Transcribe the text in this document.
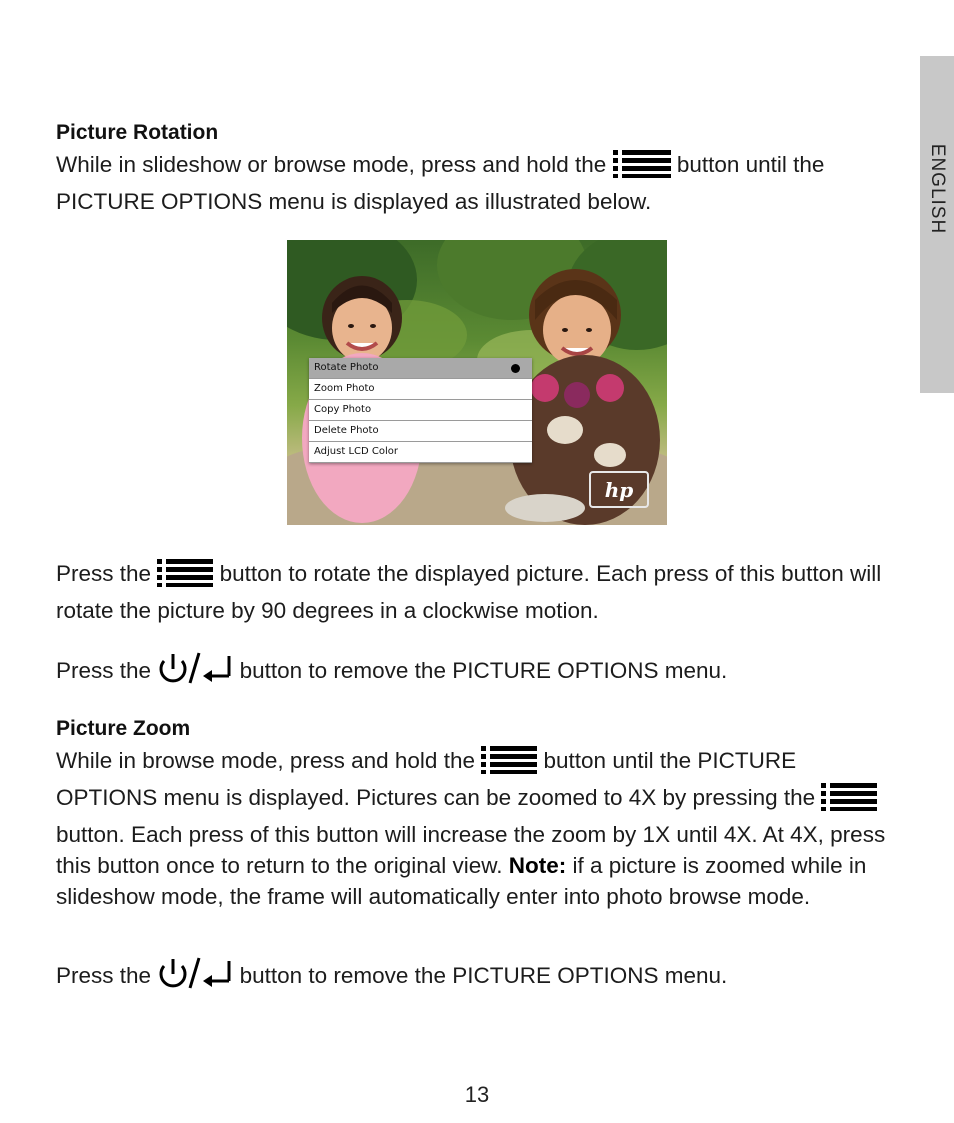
ENGLISH
Picture Rotation
While in slideshow or browse mode, press and hold the	button until the PICTURE OPTIONS menu is displayed as illustrated below.
Rotate Photo
Zoom Photo
Copy Photo
Delete Photo
Adjust LCD Color
hp
Press the	button to rotate the displayed picture. Each press of this button will rotate the picture by 90 degrees in a clockwise motion.
Press the	button to remove the PICTURE OPTIONS menu.
Picture Zoom
While in browse mode, press and hold the	button until the PICTURE OPTIONS menu is displayed. Pictures can be zoomed to 4X by pressing the  button. Each press of this button will increase the zoom by 1X until 4X. At 4X, press this button once to return to the original view. Note: if a picture is zoomed while in slideshow mode, the frame will automatically enter into photo browse mode.
Press the	button to remove the PICTURE OPTIONS menu.
13
